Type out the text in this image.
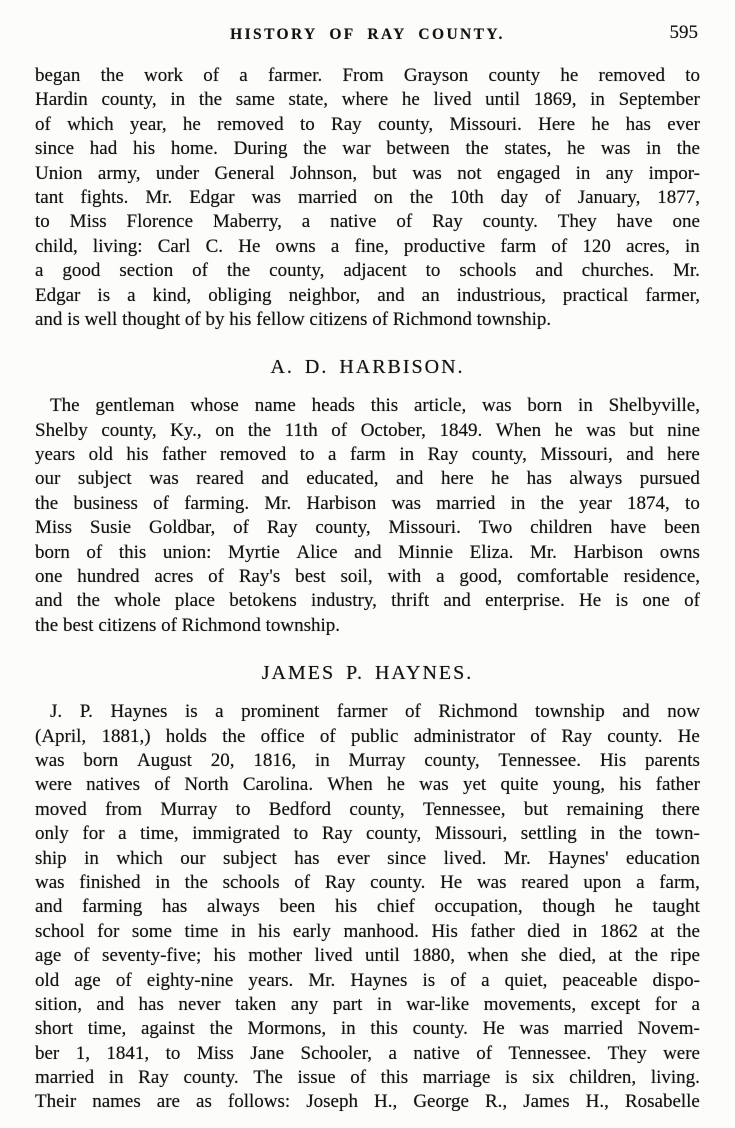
HISTORY OF RAY COUNTY.	595
began the work of a farmer. From Grayson county he removed to
Hardin county, in the same state, where he lived until 1869, in September
of which year, he removed to Ray county, Missouri. Here he has ever
since had his home. During the war between the states, he was in the
Union army, under General Johnson, but was not engaged in any impor-
tant fights. Mr. Edgar was married on the 10th day of January, 1877,
to Miss Florence Maberry, a native of Ray county. They have one
child, living: Carl C. He owns a fine, productive farm of 120 acres, in
a good section of the county, adjacent to schools and churches. Mr.
Edgar is a kind, obliging neighbor, and an industrious, practical farmer,
and is well thought of by his fellow citizens of Richmond township.
A. D. HARBISON.
The gentleman whose name heads this article, was born in Shelbyville,
Shelby county, Ky., on the 11th of October, 1849. When he was but nine
years old his father removed to a farm in Ray county, Missouri, and here
our subject was reared and educated, and here he has always pursued
the business of farming. Mr. Harbison was married in the year 1874, to
Miss Susie Goldbar, of Ray county, Missouri. Two children have been
born of this union: Myrtie Alice and Minnie Eliza. Mr. Harbison owns
one hundred acres of Ray's best soil, with a good, comfortable residence,
and the whole place betokens industry, thrift and enterprise. He is one of
the best citizens of Richmond township.
JAMES P. HAYNES.
J. P. Haynes is a prominent farmer of Richmond township and now
(April, 1881,) holds the office of public administrator of Ray county. He
was born August 20, 1816, in Murray county, Tennessee. His parents
were natives of North Carolina. When he was yet quite young, his father
moved from Murray to Bedford county, Tennessee, but remaining there
only for a time, immigrated to Ray county, Missouri, settling in the town-
ship in which our subject has ever since lived. Mr. Haynes' education
was finished in the schools of Ray county. He was reared upon a farm,
and farming has always been his chief occupation, though he taught
school for some time in his early manhood. His father died in 1862 at the
age of seventy-five; his mother lived until 1880, when she died, at the ripe
old age of eighty-nine years. Mr. Haynes is of a quiet, peaceable dispo-
sition, and has never taken any part in war-like movements, except for a
short time, against the Mormons, in this county. He was married Novem-
ber 1, 1841, to Miss Jane Schooler, a native of Tennessee. They were
married in Ray county. The issue of this marriage is six children, living.
Their names are as follows: Joseph H., George R., James H., Rosabelle
